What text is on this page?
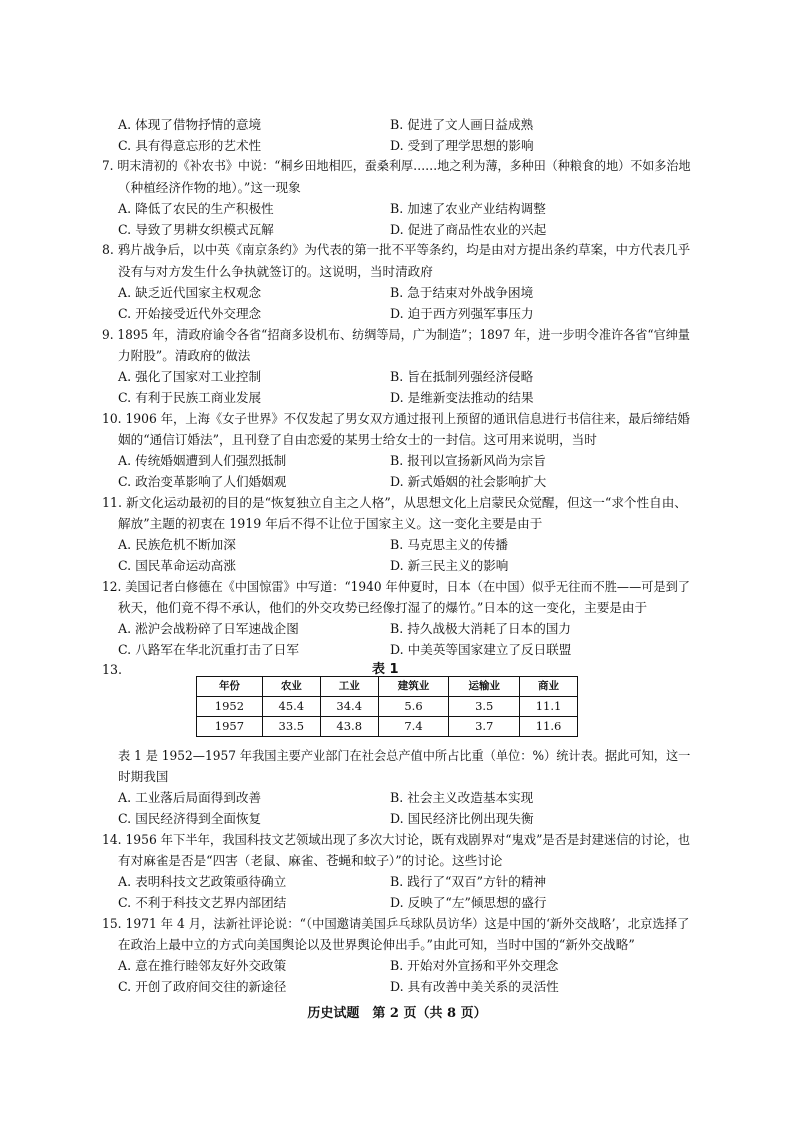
A. 体现了借物抒情的意境	B. 促进了文人画日益成熟
C. 具有得意忘形的艺术性	D. 受到了理学思想的影响
7. 明末清初的《补农书》中说：“桐乡田地相匹，蚕桑利厚……地之利为薄，多种田（种粮食的地）不如多治地
（种植经济作物的地）。”这一现象
A. 降低了农民的生产积极性	B. 加速了农业产业结构调整
C. 导致了男耕女织模式瓦解	D. 促进了商品性农业的兴起
8. 鸦片战争后，以中英《南京条约》为代表的第一批不平等条约，均是由对方提出条约草案，中方代表几乎
没有与对方发生什么争执就签订的。这说明，当时清政府
A. 缺乏近代国家主权观念	B. 急于结束对外战争困境
C. 开始接受近代外交理念	D. 迫于西方列强军事压力
9. 1895 年，清政府谕令各省“招商多设机布、纺绸等局，广为制造”；1897 年，进一步明令准许各省“官绅量
力附股”。清政府的做法
A. 强化了国家对工业控制	B. 旨在抵制列强经济侵略
C. 有利于民族工商业发展	D. 是维新变法推动的结果
10. 1906 年，上海《女子世界》不仅发起了男女双方通过报刊上预留的通讯信息进行书信往来，最后缔结婚
姻的“通信订婚法”，且刊登了自由恋爱的某男士给女士的一封信。这可用来说明，当时
A. 传统婚姻遭到人们强烈抵制	B. 报刊以宣扬新风尚为宗旨
C. 政治变革影响了人们婚姻观	D. 新式婚姻的社会影响扩大
11. 新文化运动最初的目的是“恢复独立自主之人格”，从思想文化上启蒙民众觉醒，但这一“求个性自由、
解放”主题的初衷在 1919 年后不得不让位于国家主义。这一变化主要是由于
A. 民族危机不断加深	B. 马克思主义的传播
C. 国民革命运动高涨	D. 新三民主义的影响
12. 美国记者白修德在《中国惊雷》中写道：“1940 年仲夏时，日本（在中国）似乎无往而不胜——可是到了
秋天，他们竟不得不承认，他们的外交攻势已经像打湿了的爆竹。”日本的这一变化，主要是由于
A. 淞沪会战粉碎了日军速战企图	B. 持久战极大消耗了日本的国力
C. 八路军在华北沉重打击了日军	D. 中美英等国家建立了反日联盟
13.	表 1
年份	农业	工业	建筑业	运输业	商业
1952	45.4	34.4	5.6	3.5	11.1
1957	33.5	43.8	7.4	3.7	11.6
表 1 是 1952—1957 年我国主要产业部门在社会总产值中所占比重（单位：%）统计表。据此可知，这一
时期我国
A. 工业落后局面得到改善	B. 社会主义改造基本实现
C. 国民经济得到全面恢复	D. 国民经济比例出现失衡
14. 1956 年下半年，我国科技文艺领域出现了多次大讨论，既有戏剧界对“鬼戏”是否是封建迷信的讨论，也
有对麻雀是否是“四害（老鼠、麻雀、苍蝇和蚊子）”的讨论。这些讨论
A. 表明科技文艺政策亟待确立	B. 践行了“双百”方针的精神
C. 不利于科技文艺界内部团结	D. 反映了“左”倾思想的盛行
15. 1971 年 4 月，法新社评论说：“（中国邀请美国乒乓球队员访华）这是中国的‘新外交战略’，北京选择了
在政治上最中立的方式向美国舆论以及世界舆论伸出手。”由此可知，当时中国的“新外交战略”
A. 意在推行睦邻友好外交政策	B. 开始对外宣扬和平外交理念
C. 开创了政府间交往的新途径	D. 具有改善中美关系的灵活性
历史试题　第 2 页（共 8 页）
